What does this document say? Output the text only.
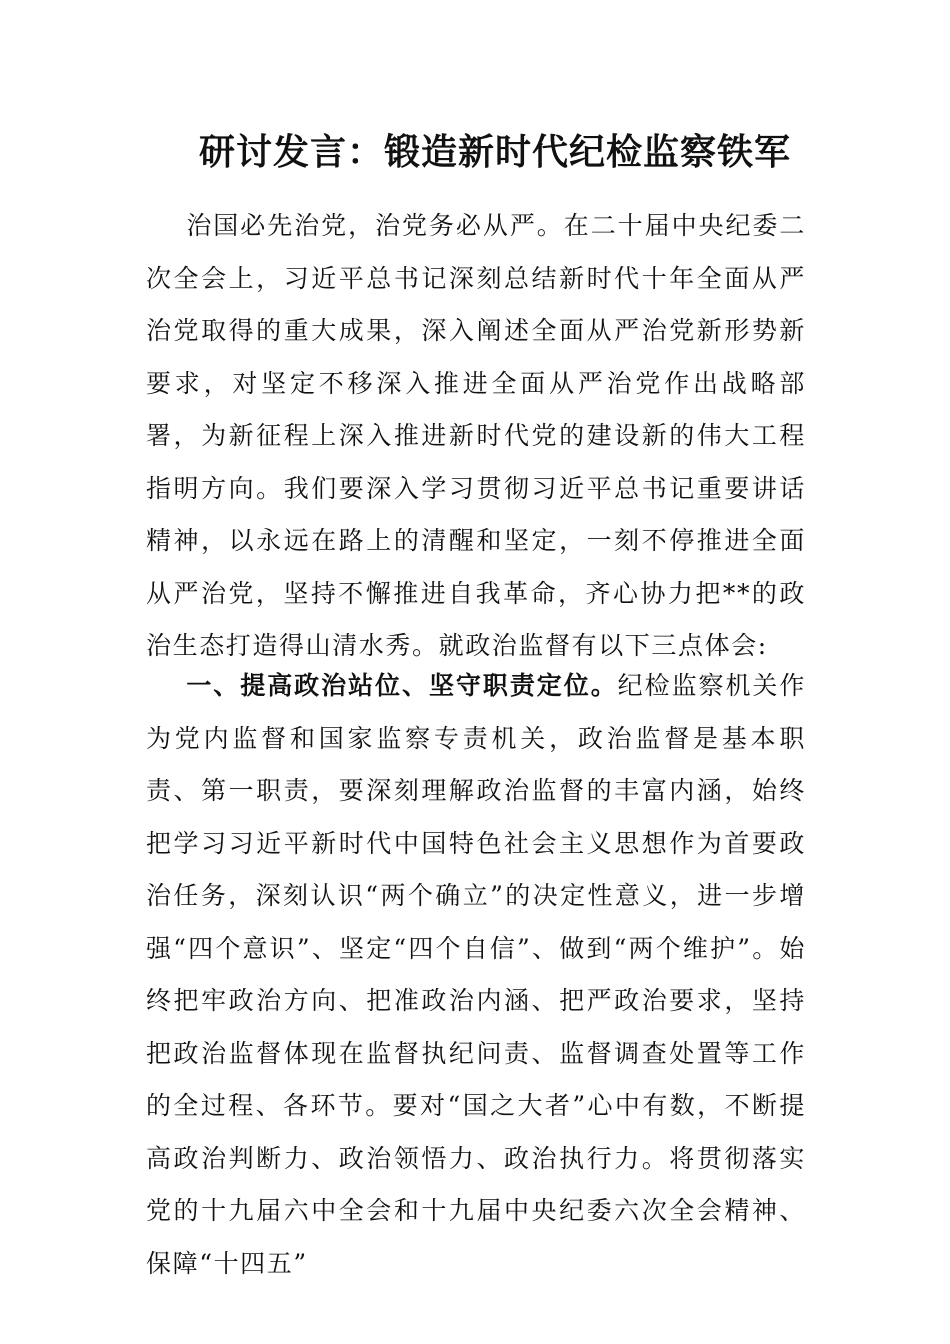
研讨发言：锻造新时代纪检监察铁军

治国必先治党，治党务必从严。在二十届中央纪委二次全会上，习近平总书记深刻总结新时代十年全面从严治党取得的重大成果，深入阐述全面从严治党新形势新要求，对坚定不移深入推进全面从严治党作出战略部署，为新征程上深入推进新时代党的建设新的伟大工程指明方向。我们要深入学习贯彻习近平总书记重要讲话精神，以永远在路上的清醒和坚定，一刻不停推进全面从严治党，坚持不懈推进自我革命，齐心协力把**的政治生态打造得山清水秀。就政治监督有以下三点体会:

一、提高政治站位、坚守职责定位。纪检监察机关作为党内监督和国家监察专责机关，政治监督是基本职责、第一职责，要深刻理解政治监督的丰富内涵，始终把学习习近平新时代中国特色社会主义思想作为首要政治任务，深刻认识“两个确立”的决定性意义，进一步增强“四个意识”、坚定“四个自信”、做到“两个维护”。始终把牢政治方向、把准政治内涵、把严政治要求，坚持把政治监督体现在监督执纪问责、监督调查处置等工作的全过程、各环节。要对“国之大者”心中有数，不断提高政治判断力、政治领悟力、政治执行力。将贯彻落实党的十九届六中全会和十九届中央纪委六次全会精神、保障“十四五”
